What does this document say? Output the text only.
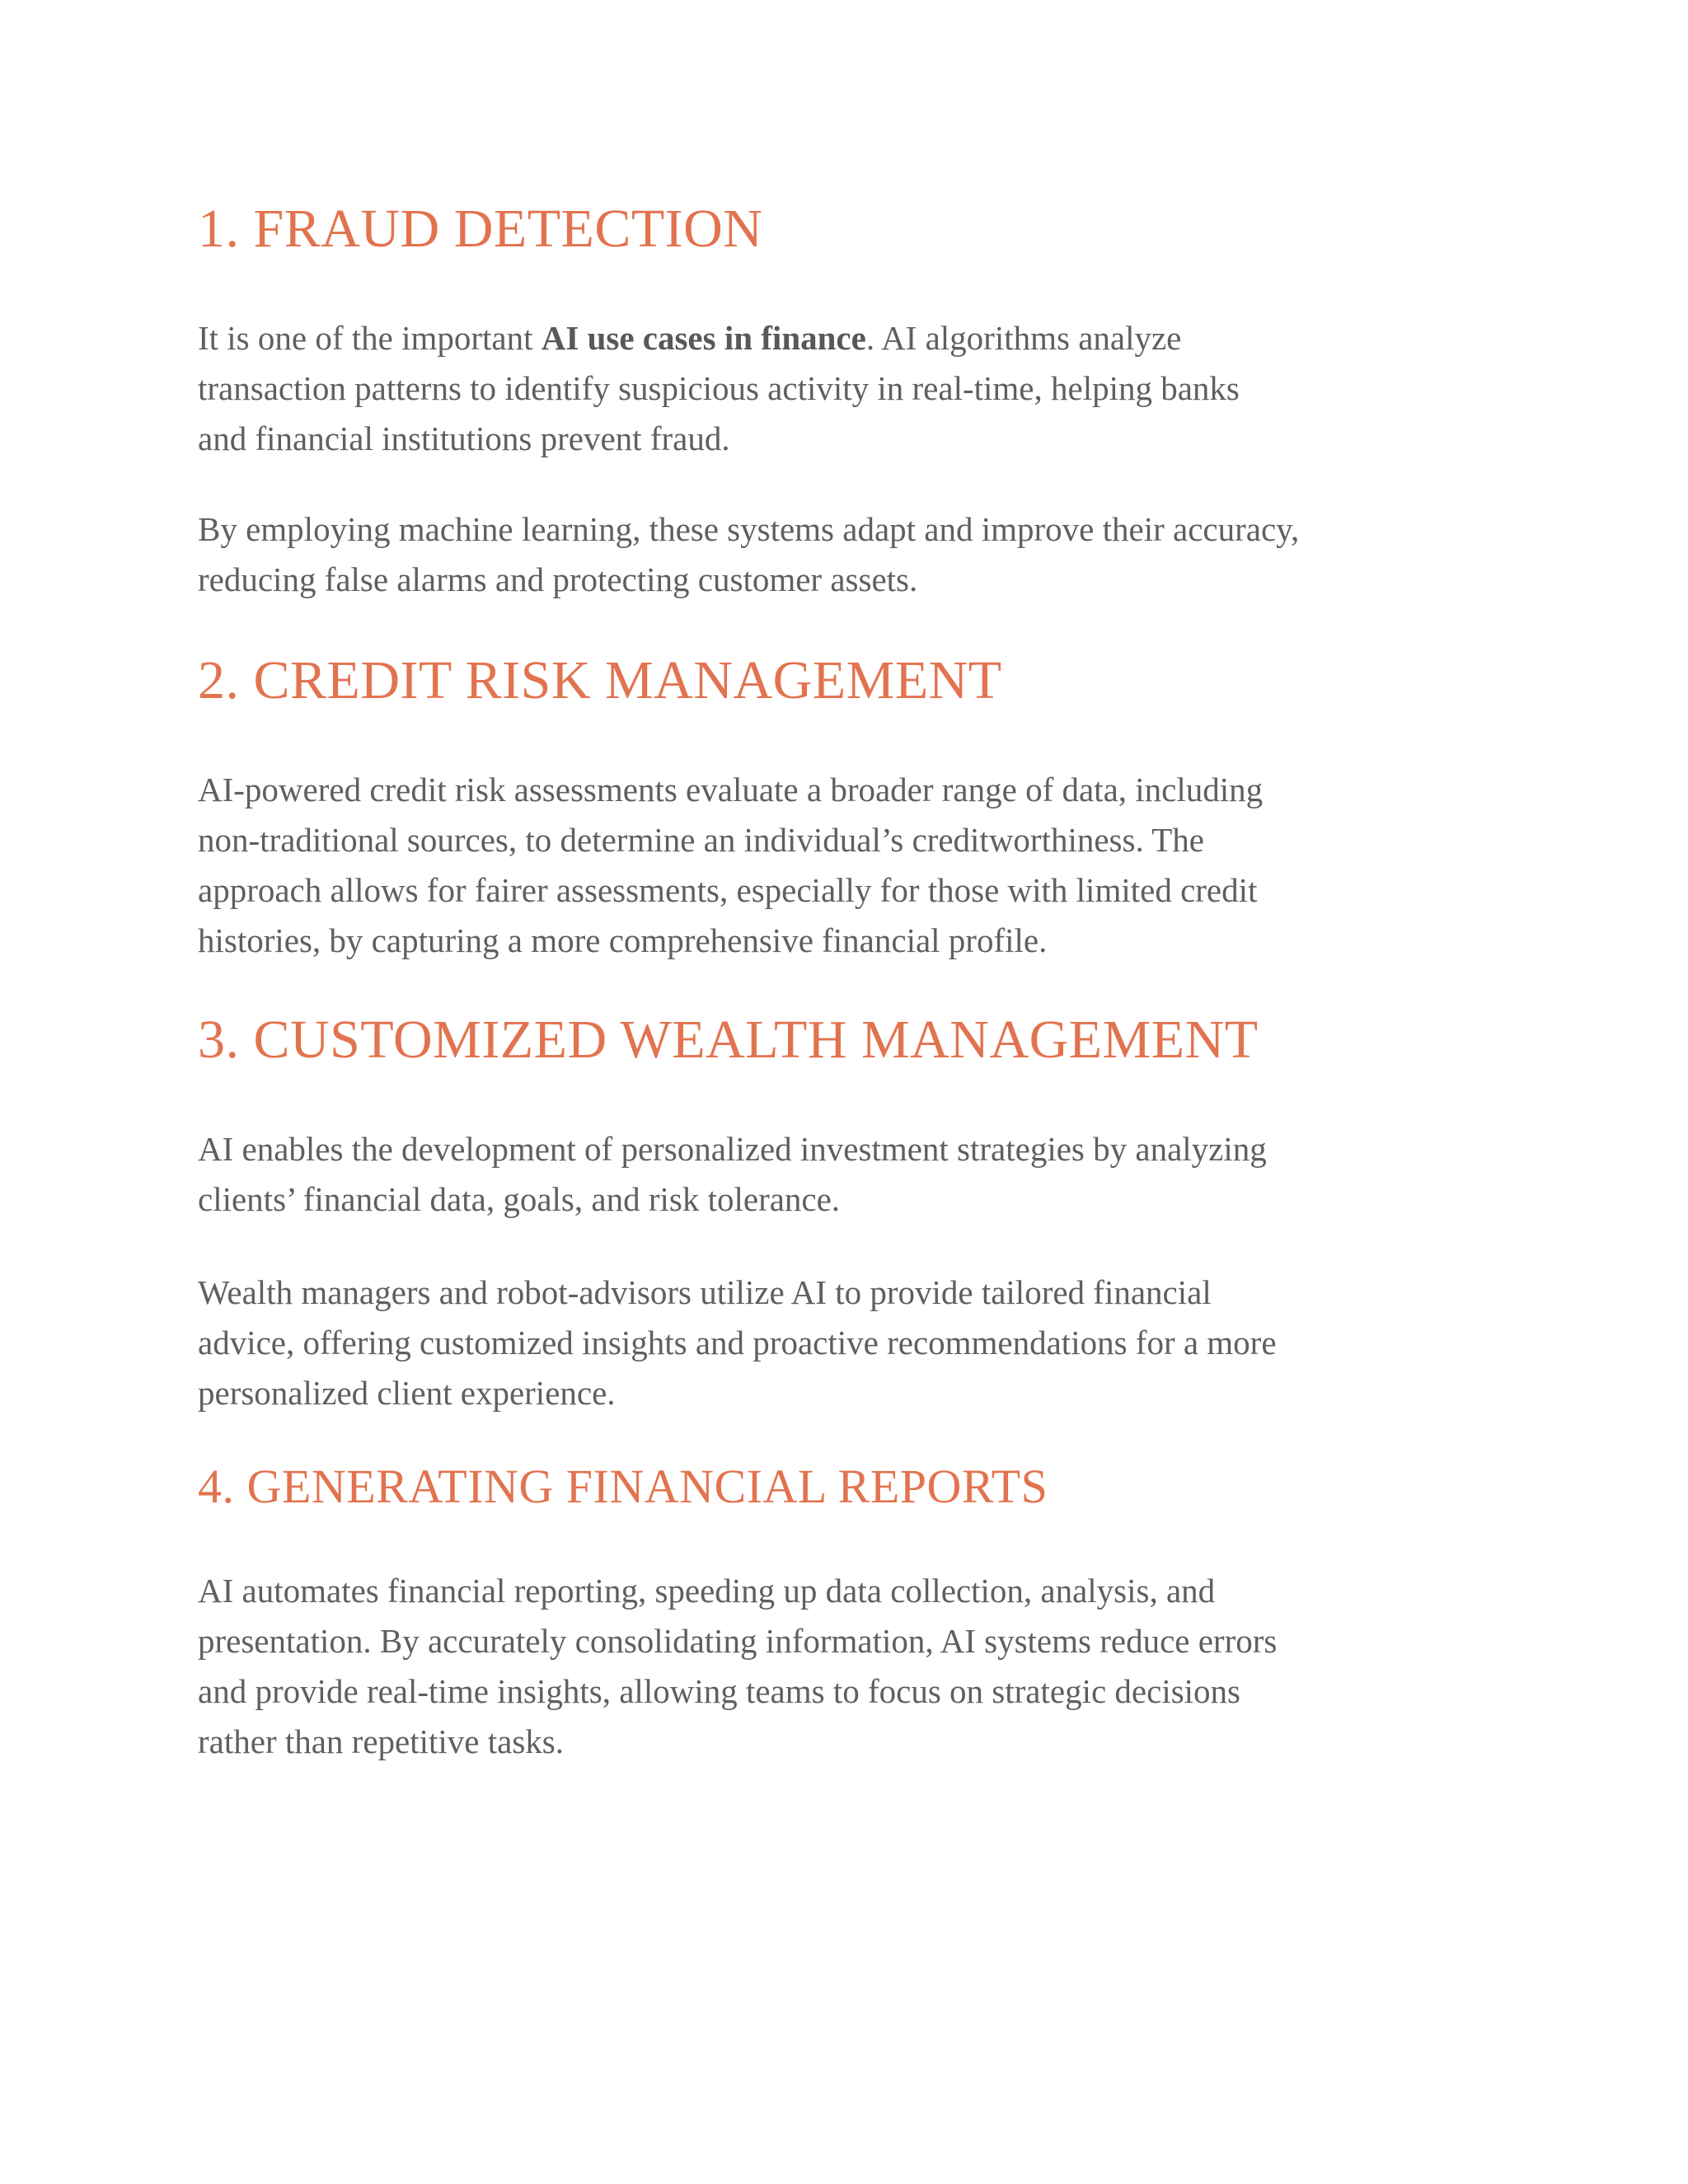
1. FRAUD DETECTION

It is one of the important AI use cases in finance. AI algorithms analyze
transaction patterns to identify suspicious activity in real-time, helping banks
and financial institutions prevent fraud.

By employing machine learning, these systems adapt and improve their accuracy,
reducing false alarms and protecting customer assets.

2. CREDIT RISK MANAGEMENT

AI-powered credit risk assessments evaluate a broader range of data, including
non-traditional sources, to determine an individual’s creditworthiness. The
approach allows for fairer assessments, especially for those with limited credit
histories, by capturing a more comprehensive financial profile.

3. CUSTOMIZED WEALTH MANAGEMENT

AI enables the development of personalized investment strategies by analyzing
clients’ financial data, goals, and risk tolerance.

Wealth managers and robot-advisors utilize AI to provide tailored financial
advice, offering customized insights and proactive recommendations for a more
personalized client experience.

4. GENERATING FINANCIAL REPORTS

AI automates financial reporting, speeding up data collection, analysis, and
presentation. By accurately consolidating information, AI systems reduce errors
and provide real-time insights, allowing teams to focus on strategic decisions
rather than repetitive tasks.
